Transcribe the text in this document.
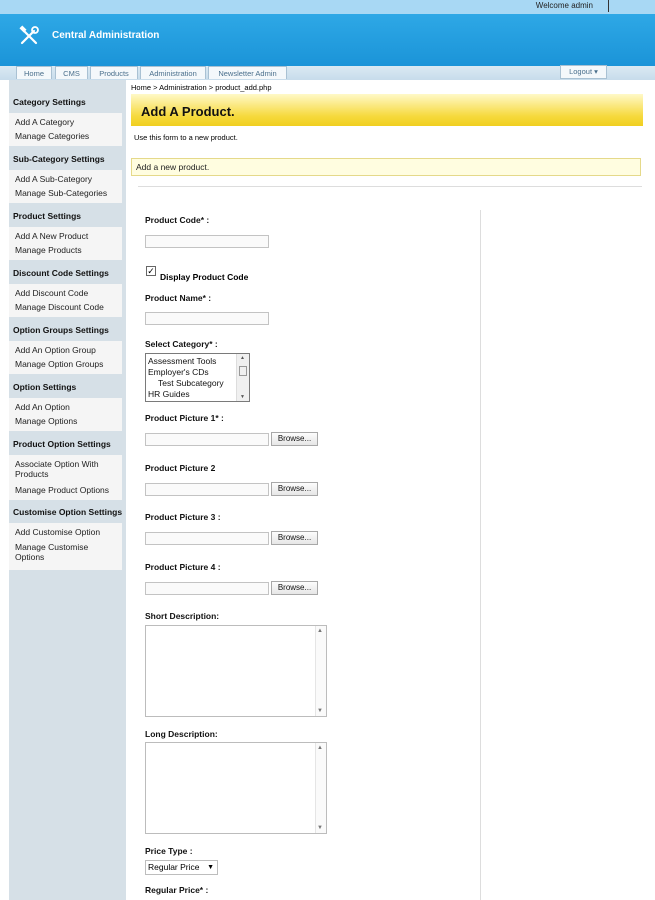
Welcome admin
Central Administration
Home	CMS	Products	Administration	Newsletter Admin	Logout ▾
Category Settings
Add A Category
Manage Categories
Sub-Category Settings
Add A Sub-Category
Manage Sub-Categories
Product Settings
Add A New Product
Manage Products
Discount Code Settings
Add Discount Code
Manage Discount Code
Option Groups Settings
Add An Option Group
Manage Option Groups
Option Settings
Add An Option
Manage Options
Product Option Settings
Associate Option With Products
Manage Product Options
Customise Option Settings
Add Customise Option
Manage Customise Options
Home > Administration > product_add.php
Add A Product.
Use this form to a new product.
Add a new product.
Product Code* :
✓
Display Product Code
Product Name* :
Select Category* :
Assessment Tools
Employer's CDs
Test Subcategory
HR Guides
▲
▼
Product Picture 1* :
Browse...
Product Picture 2
Browse...
Product Picture 3 :
Browse...
Product Picture 4 :
Browse...
Short Description:
▲
▼
Long Description:
▲
▼
Price Type :
Regular Price ▼
Regular Price* :
